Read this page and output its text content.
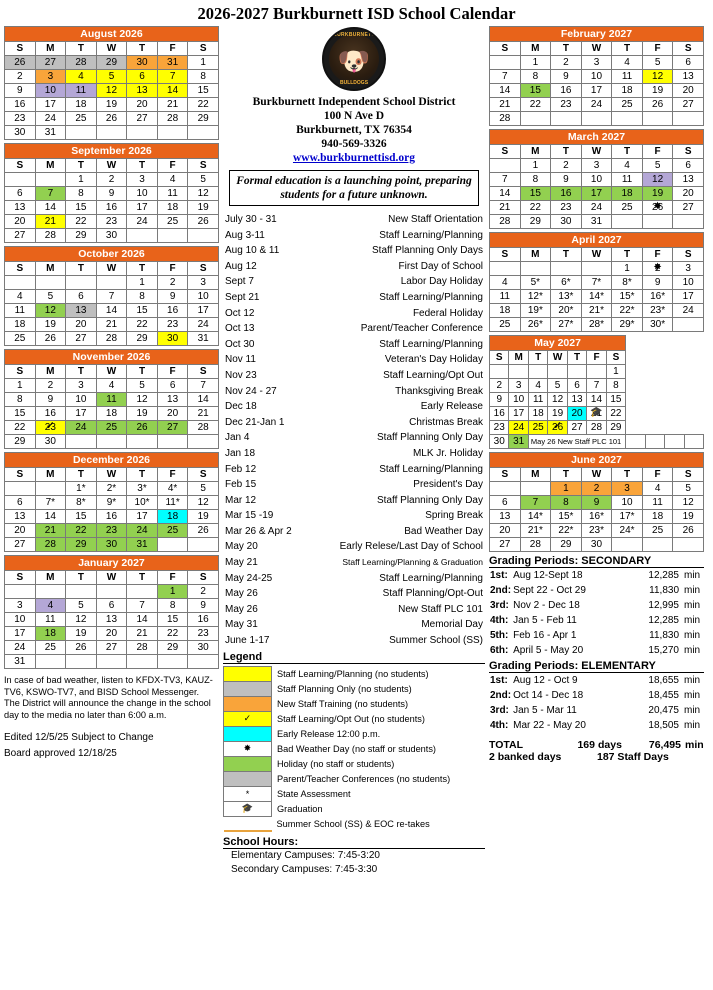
2026-2027 Burkburnett ISD School Calendar
August 2026						
S	M	T	W	T	F	S
26	27	28	29	30	31	1
2	3	4	5	6	7	8
9	10	11	12	13	14	15
16	17	18	19	20	21	22
23	24	25	26	27	28	29
30	31					
September 2026						
S	M	T	W	T	F	S
		1	2	3	4	5
6	7	8	9	10	11	12
13	14	15	16	17	18	19
20	21	22	23	24	25	26
27	28	29	30			
October 2026						
S	M	T	W	T	F	S
				1	2	3
4	5	6	7	8	9	10
11	12	13	14	15	16	17
18	19	20	21	22	23	24
25	26	27	28	29	30	31
November 2026						
S	M	T	W	T	F	S
1	2	3	4	5	6	7
8	9	10	11	12	13	14
15	16	17	18	19	20	21
22	23 ✓	24	25	26	27	28
29	30					
December 2026						
S	M	T	W	T	F	S
		1*	2*	3*	4*	5
6	7*	8*	9*	10*	11*	12
13	14	15	16	17	18	19
20	21	22	23	24	25	26
27	28	29	30	31		
January 2027						
S	M	T	W	T	F	S
					1	2
3	4	5	6	7	8	9
10	11	12	13	14	15	16
17	18	19	20	21	22	23
24	25	26	27	28	29	30
31						
In case of bad weather, listen to KFDX-TV3, KAUZ-TV6, KSWO-TV7, and BISD School Messenger. The District will announce the change in the school day to the media no later than 6:00 a.m.
Edited 12/5/25 Subject to Change
Board approved 12/18/25
BURKBURNETT
🐶
BULLDOGS
Burkburnett Independent School District
100 N Ave D
Burkburnett, TX 76354
940-569-3326
www.burkburnettisd.org
Formal education is a launching point, preparing students for a future unknown.
July 30 - 31	New Staff Orientation
Aug 3-11	Staff Learning/Planning
Aug 10 & 11	Staff Planning Only Days
Aug 12	First Day of School
Sept 7	Labor Day Holiday
Sept 21	Staff Learning/Planning
Oct 12	Federal Holiday
Oct 13	Parent/Teacher Conference
Oct 30	Staff Learning/Planning
Nov 11	Veteran's Day Holiday
Nov 23	Staff Learning/Opt Out
Nov 24 - 27	Thanksgiving Break
Dec 18	Early Release
Dec 21-Jan 1	Christmas Break
Jan 4	Staff Planning Only Day
Jan 18	MLK Jr. Holiday
Feb 12	Staff Learning/Planning
Feb 15	President's Day
Mar 12	Staff Planning Only Day
Mar 15 -19	Spring Break
Mar 26 & Apr 2	Bad Weather Day
May 20	Early Relese/Last Day of School
May 21	Staff Learning/Planning & Graduation
May 24-25	Staff Learning/Planning
May 26	Staff Planning/Opt-Out
May 26	New Staff PLC 101
May 31	Memorial Day
June 1-17	Summer School (SS)
Legend
	Staff Learning/Planning (no students)
	Staff Planning Only (no students)
	New Staff Training (no students)
✓	Staff Learning/Opt Out (no students)
	Early Release 12:00 p.m.
✸	Bad Weather Day (no staff or students)
	Holiday (no staff or students)
	Parent/Teacher Conferences (no students)
*	State Assessment
🎓	Graduation
	Summer School (SS) & EOC re-takes
School Hours:
Elementary Campuses: 7:45-3:20
Secondary Campuses: 7:45-3:30
February 2027						
S	M	T	W	T	F	S
	1	2	3	4	5	6
7	8	9	10	11	12	13
14	15	16	17	18	19	20
21	22	23	24	25	26	27
28						
March 2027						
S	M	T	W	T	F	S
	1	2	3	4	5	6
7	8	9	10	11	12	13
14	15	16	17	18	19	20
21	22	23	24	25	26 ✸	27
28	29	30	31			
April 2027						
S	M	T	W	T	F	S
				1	2 ✸	3
4	5*	6*	7*	8*	9	10
11	12*	13*	14*	15*	16*	17
18	19*	20*	21*	22*	23*	24
25	26*	27*	28*	29*	30*	
May 2027										
S	M	T	W	T	F	S				
						1				
2	3	4	5	6	7	8				
9	10	11	12	13	14	15				
16	17	18	19	20	21 🎓	22				
23	24	25	26 ✓	27	28	29				
30	31	May 26 New Staff PLC 101								
June 2027						
S	M	T	W	T	F	S
		1	2	3	4	5
6	7	8	9	10	11	12
13	14*	15*	16*	17*	18	19
20	21*	22*	23*	24*	25	26
27	28	29	30			
Grading Periods: SECONDARY
1st:	Aug 12-Sept 18	12,285	min
2nd:	Sept 22 - Oct 29	11,830	min
3rd:	Nov 2 - Dec 18	12,995	min
4th:	Jan 5 - Feb 11	12,285	min
5th:	Feb 16 - Apr 1	11,830	min
6th:	April 5 - May 20	15,270	min
Grading Periods: ELEMENTARY
1st:	Aug 12 - Oct 9	18,655	min
2nd:	Oct 14 - Dec 18	18,455	min
3rd:	Jan 5 - Mar 11	20,475	min
4th:	Mar 22 - May 20	18,505	min
TOTAL	169 days	76,495 min
2 banked days	187 Staff Days
